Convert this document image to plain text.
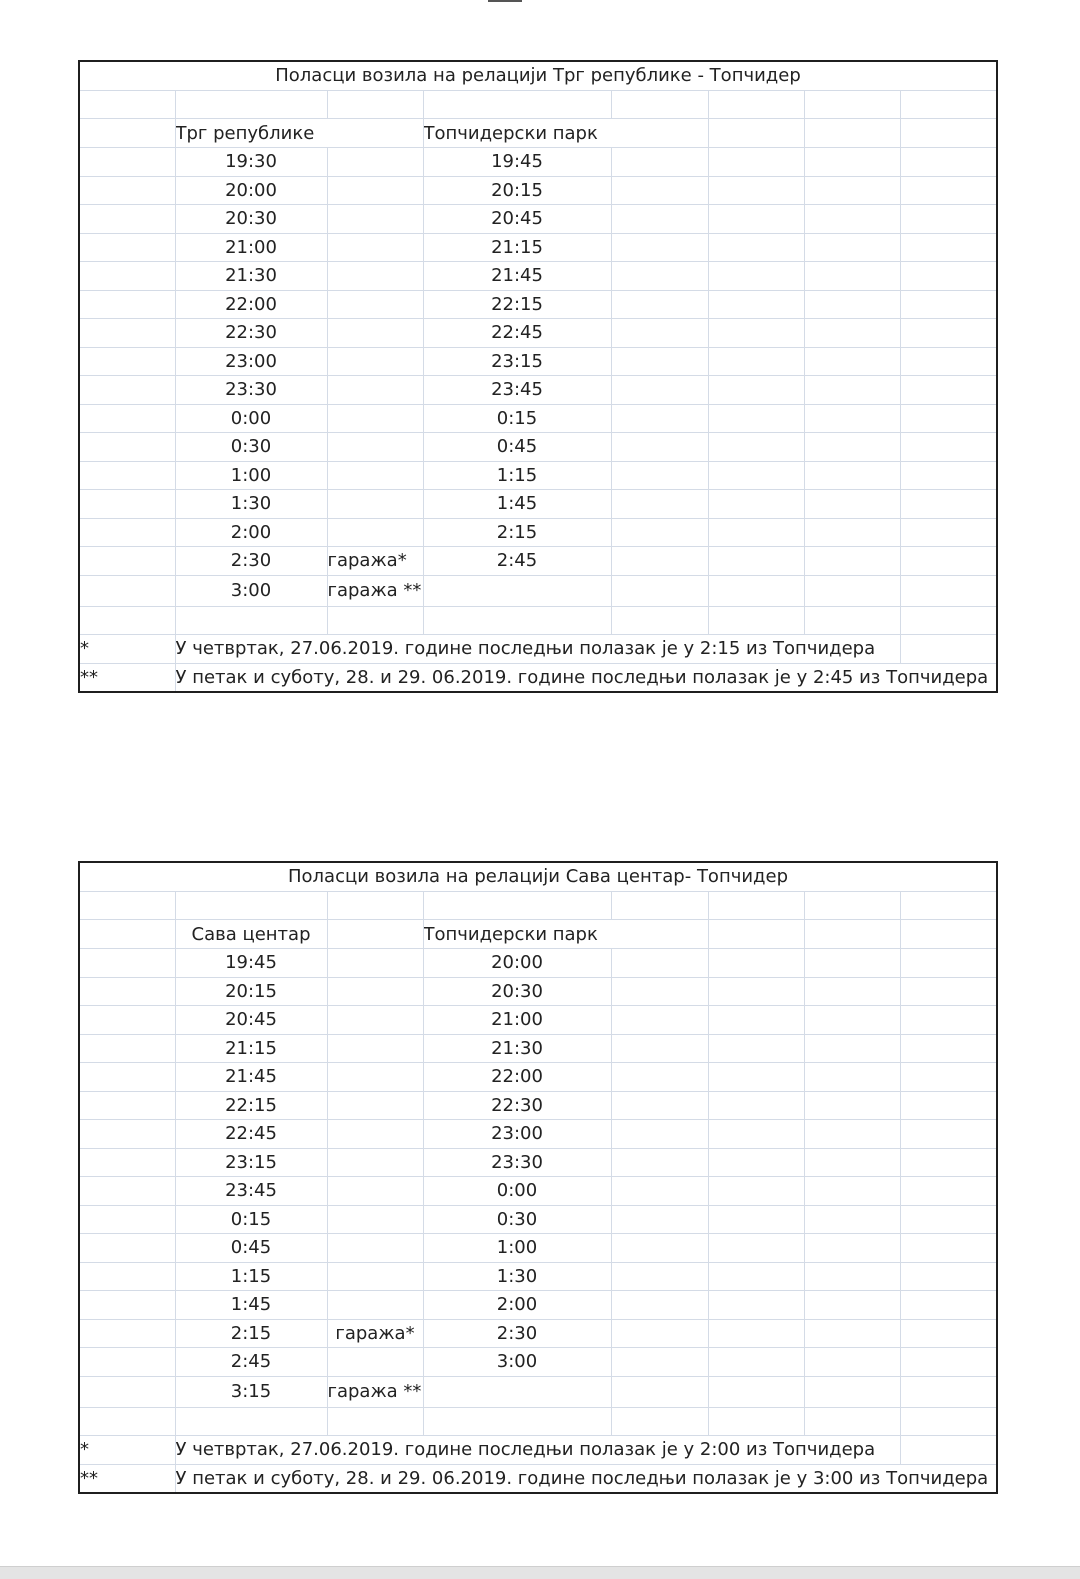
Поласци возила на релацији Трг републике - Топчидер							

	Трг републике		Топчидерски парк				
	19:30		19:45				
	20:00		20:15				
	20:30		20:45				
	21:00		21:15				
	21:30		21:45				
	22:00		22:15				
	22:30		22:45				
	23:00		23:15				
	23:30		23:45				
	0:00		0:15				
	0:30		0:45				
	1:00		1:15				
	1:30		1:45				
	2:00		2:15				
	2:30	гаража*	2:45				
	3:00	гаража **					

*	У четвртак, 27.06.2019. године последњи полазак је у 2:15 из Топчидера						
**	У петак и суботу, 28. и 29. 06.2019. године последњи полазак је у 2:45 из Топчидера						
Поласци возила на релацији Сава центар- Топчидер							

	Сава центар		Топчидерски парк				
	19:45		20:00				
	20:15		20:30				
	20:45		21:00				
	21:15		21:30				
	21:45		22:00				
	22:15		22:30				
	22:45		23:00				
	23:15		23:30				
	23:45		0:00				
	0:15		0:30				
	0:45		1:00				
	1:15		1:30				
	1:45		2:00				
	2:15	гаража*	2:30				
	2:45		3:00				
	3:15	гаража **					

*	У четвртак, 27.06.2019. године последњи полазак је у 2:00 из Топчидера						
**	У петак и суботу, 28. и 29. 06.2019. године последњи полазак је у 3:00 из Топчидера						
